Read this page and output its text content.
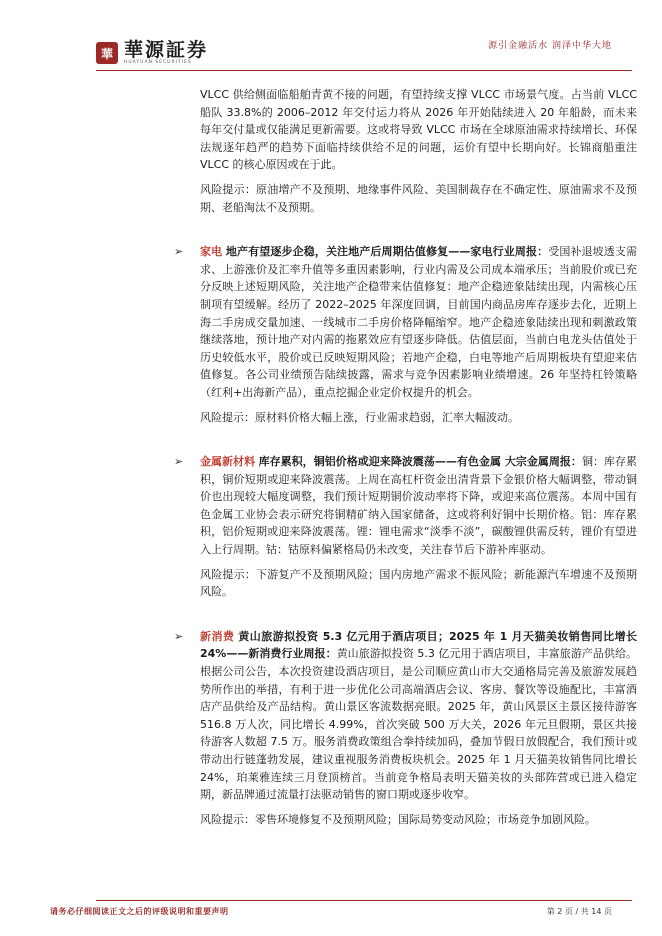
華 華源証券
HUAYUAN SECURITIES
源引金融活水 润泽中华大地

VLCC 供给侧面临船舶青黄不接的问题，有望持续支撑 VLCC 市场景气度。占当前 VLCC 船队 33.8%的 2006–2012 年交付运力将从 2026 年开始陆续进入 20 年船龄，而未来每年交付量或仅能满足更新需要。这或将导致 VLCC 市场在全球原油需求持续增长、环保法规逐年趋严的趋势下面临持续供给不足的问题，运价有望中长期向好。长锦商船重注 VLCC 的核心原因或在于此。

风险提示：原油增产不及预期、地缘事件风险、美国制裁存在不确定性、原油需求不及预期、老船淘汰不及预期。

➢ 家电 地产有望逐步企稳，关注地产后周期估值修复——家电行业周报：受国补退坡透支需求、上游涨价及汇率升值等多重因素影响，行业内需及公司成本端承压；当前股价或已充分反映上述短期风险，关注地产企稳带来估值修复：地产企稳迹象陆续出现，内需核心压制项有望缓解。经历了 2022–2025 年深度回调，目前国内商品房库存逐步去化，近期上海二手房成交量加速、一线城市二手房价格降幅缩窄。地产企稳迹象陆续出现和刺激政策继续落地，预计地产对内需的拖累效应有望逐步降低。估值层面，当前白电龙头估值处于历史较低水平，股价或已反映短期风险；若地产企稳，白电等地产后周期板块有望迎来估值修复。各公司业绩预告陆续披露，需求与竞争因素影响业绩增速。26 年坚持杠铃策略（红利+出海新产品），重点挖掘企业定价权提升的机会。

风险提示：原材料价格大幅上涨，行业需求趋弱，汇率大幅波动。

➢ 金属新材料 库存累积，铜铝价格或迎来降波震荡——有色金属 大宗金属周报：铜：库存累积，铜价短期或迎来降波震荡。上周在高杠杆资金出清背景下金银价格大幅调整，带动铜价也出现较大幅度调整，我们预计短期铜价波动率将下降，或迎来高位震荡。本周中国有色金属工业协会表示研究将铜精矿纳入国家储备，这或将利好铜中长期价格。铝：库存累积，铝价短期或迎来降波震荡。锂：锂电需求“淡季不淡”，碳酸锂供需反转，锂价有望进入上行周期。钴：钴原料偏紧格局仍未改变，关注春节后下游补库驱动。

风险提示：下游复产不及预期风险；国内房地产需求不振风险；新能源汽车增速不及预期风险。

➢ 新消费 黄山旅游拟投资 5.3 亿元用于酒店项目；2025 年 1 月天猫美妆销售同比增长 24%——新消费行业周报：黄山旅游拟投资 5.3 亿元用于酒店项目，丰富旅游产品供给。根据公司公告，本次投资建设酒店项目，是公司顺应黄山市大交通格局完善及旅游发展趋势所作出的举措，有利于进一步优化公司高端酒店会议、客房、餐饮等设施配比，丰富酒店产品供给及产品结构。黄山景区客流数据亮眼。2025 年，黄山风景区主景区接待游客 516.8 万人次，同比增长 4.99%，首次突破 500 万大关，2026 年元旦假期，景区共接待游客人数超 7.5 万。服务消费政策组合拳持续加码，叠加节假日放假配合，我们预计或带动出行链蓬勃发展，建议重视服务消费板块机会。2025 年 1 月天猫美妆销售同比增长 24%，珀莱雅连续三月登顶榜首。当前竞争格局表明天猫美妆的头部阵营或已进入稳定期，新品牌通过流量打法驱动销售的窗口期或逐步收窄。

风险提示：零售环境修复不及预期风险；国际局势变动风险；市场竞争加剧风险。

请务必仔细阅读正文之后的评级说明和重要声明	第 2 页 / 共 14 页
